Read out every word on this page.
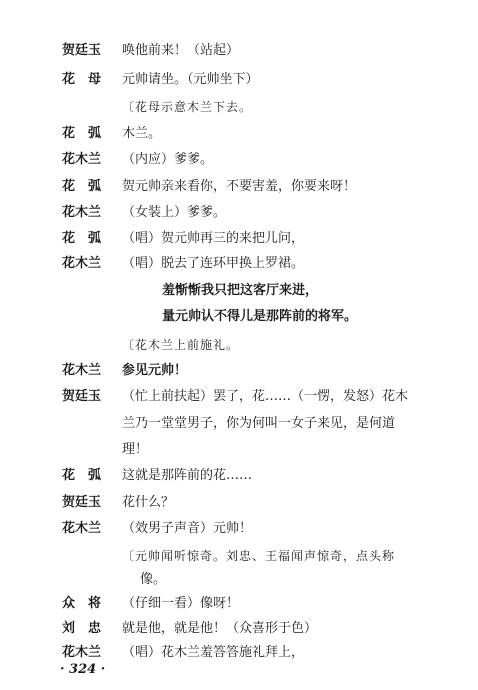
贺廷玉 唤他前来！（站起）
花　母 元帅请坐。（元帅坐下）
〔花母示意木兰下去。
花　弧 木兰。
花木兰 （内应）爹爹。
花　弧 贺元帅亲来看你，不要害羞，你要来呀！
花木兰 （女装上）爹爹。
花　弧 （唱）贺元帅再三的来把儿问，
花木兰 （唱）脱去了连环甲换上罗裙。
羞惭惭我只把这客厅来进，
量元帅认不得儿是那阵前的将军。
〔花木兰上前施礼。
花木兰 参见元帅！
贺廷玉 （忙上前扶起）罢了，花……（一愣，发怒）花木
兰乃一堂堂男子，你为何叫一女子来见，是何道
理！
花　弧 这就是那阵前的花……
贺廷玉 花什么？
花木兰 （效男子声音）元帅！
〔元帅闻听惊奇。刘忠、王福闻声惊奇，点头称
像。
众　将 （仔细一看）像呀！
刘　忠 就是他，就是他！（众喜形于色）
花木兰 （唱）花木兰羞答答施礼拜上，
· 324 ·
